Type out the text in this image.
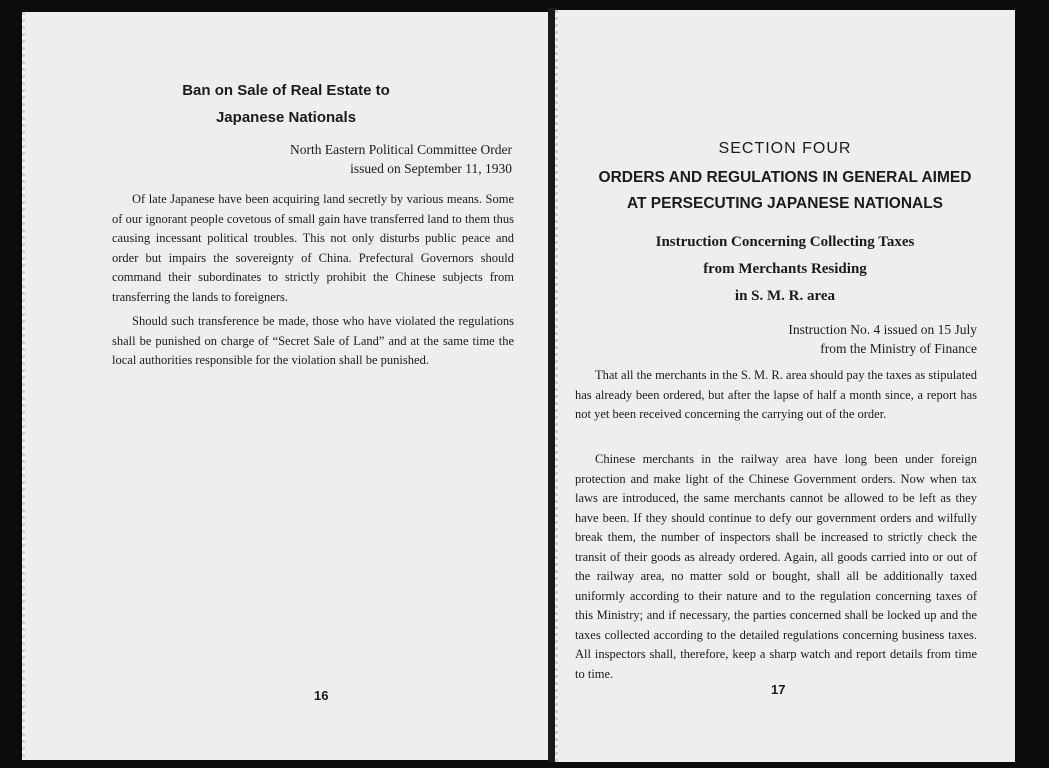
Ban on Sale of Real Estate to
Japanese Nationals
North Eastern Political Committee Order
issued on September 11, 1930
Of late Japanese have been acquiring land secretly by various means. Some of our ignorant people covetous of small gain have transferred land to them thus causing incessant political troubles. This not only disturbs public peace and order but impairs the sovereignty of China. Prefectural Governors should command their subordinates to strictly prohibit the Chinese subjects from transferring the lands to foreigners.
Should such transference be made, those who have violated the regulations shall be punished on charge of “Secret Sale of Land” and at the same time the local authorities responsible for the violation shall be punished.
16
SECTION FOUR
ORDERS AND REGULATIONS IN GENERAL AIMED
AT PERSECUTING JAPANESE NATIONALS
Instruction Concerning Collecting Taxes
from Merchants Residing
in S. M. R. area
Instruction No. 4 issued on 15 July
from the Ministry of Finance
That all the merchants in the S. M. R. area should pay the taxes as stipulated has already been ordered, but after the lapse of half a month since, a report has not yet been received concerning the carrying out of the order.
Chinese merchants in the railway area have long been under foreign protection and make light of the Chinese Government orders. Now when tax laws are introduced, the same merchants cannot be allowed to be left as they have been. If they should continue to defy our government orders and wilfully break them, the number of inspectors shall be increased to strictly check the transit of their goods as already ordered. Again, all goods carried into or out of the railway area, no matter sold or bought, shall all be additionally taxed uniformly according to their nature and to the regulation concerning taxes of this Ministry; and if necessary, the parties concerned shall be locked up and the taxes collected according to the detailed regulations concerning business taxes. All inspectors shall, therefore, keep a sharp watch and report details from time to time.
17
